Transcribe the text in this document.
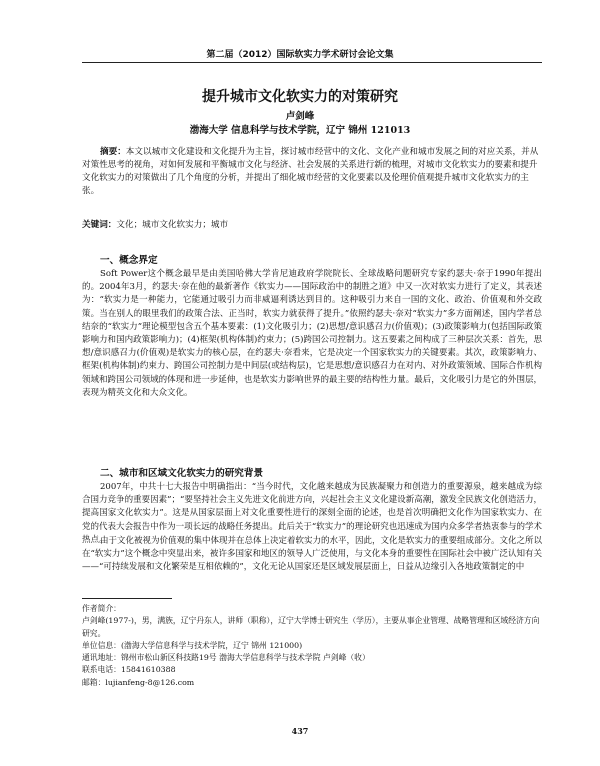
第二届（2012）国际软实力学术研讨会论文集
提升城市文化软实力的对策研究
卢剑峰
渤海大学 信息科学与技术学院，辽宁 锦州 121013
摘要：本文以城市文化建设和文化提升为主旨，探讨城市经营中的文化、文化产业和城市发展之间的对应关系，并从对策性思考的视角，对如何发展和平衡城市文化与经济、社会发展的关系进行新的梳理，对城市文化软实力的要素和提升文化软实力的对策做出了几个角度的分析，并提出了细化城市经营的文化要素以及伦理价值观提升城市文化软实力的主张。
关键词：文化；城市文化软实力；城市
一、概念界定
Soft Power这个概念最早是由美国哈佛大学肯尼迪政府学院院长、全球战略问题研究专家约瑟夫·奈于1990年提出的。2004年3月，约瑟夫·奈在他的最新著作《软实力——国际政治中的制胜之道》中又一次对软实力进行了定义，其表述为：“软实力是一种能力，它能通过吸引力而非威逼利诱达到目的。这种吸引力来自一国的文化、政治、价值观和外交政策。当在别人的眼里我们的政策合法、正当时，软实力就获得了提升。”依照约瑟夫·奈对“软实力”多方面阐述，国内学者总结奈的“软实力”理论模型包含五个基本要素：(1)文化吸引力；(2)思想/意识感召力(价值观)；(3)政策影响力(包括国际政策影响力和国内政策影响力)；(4)框架(机构体制)约束力；(5)跨国公司控制力。这五要素之间构成了三种层次关系：首先，思想/意识感召力(价值观)是软实力的核心层，在约瑟夫·奈看来，它是决定一个国家软实力的关键要素。其次，政策影响力、框架(机构体制)约束力、跨国公司控制力是中间层(或结构层)，它是思想/意识感召力在对内、对外政策领域、国际合作机构领域和跨国公司领域的体现和进一步延伸，也是软实力影响世界的最主要的结构性力量。最后，文化吸引力是它的外围层，表现为精英文化和大众文化。
二、城市和区域文化软实力的研究背景
2007年，中共十七大报告中明确指出：“当今时代，文化越来越成为民族凝聚力和创造力的重要源泉，越来越成为综合国力竞争的重要因素”；“要坚持社会主义先进文化前进方向，兴起社会主义文化建设新高潮，激发全民族文化创造活力，提高国家文化软实力”。这是从国家层面上对文化重要性进行的深刻全面的论述，也是首次明确把文化作为国家软实力、在党的代表大会报告中作为一项长远的战略任务提出。此后关于“软实力”的理论研究也迅速成为国内众多学者热衷参与的学术热点。
由于文化被视为价值观的集中体现并在总体上决定着软实力的水平，因此，文化是软实力的重要组成部分。文化之所以在“软实力”这个概念中突显出来，被许多国家和地区的领导人广泛使用，与文化本身的重要性在国际社会中被广泛认知有关——“可持续发展和文化繁荣是互相依赖的”，文化无论从国家还是区域发展层面上，日益从边缘引入各地政策制定的中
作者简介：
卢剑峰(1977-)，男，满族，辽宁丹东人，讲师（职称），辽宁大学博士研究生（学历），主要从事企业管理、战略管理和区域经济方向研究。
单位信息：(渤海大学信息科学与技术学院，辽宁 锦州 121000)
通讯地址：锦州市松山新区科技路19号 渤海大学信息科学与技术学院 卢剑峰（收）
联系电话：15841610388
邮箱：lujianfeng-8@126.com
437
